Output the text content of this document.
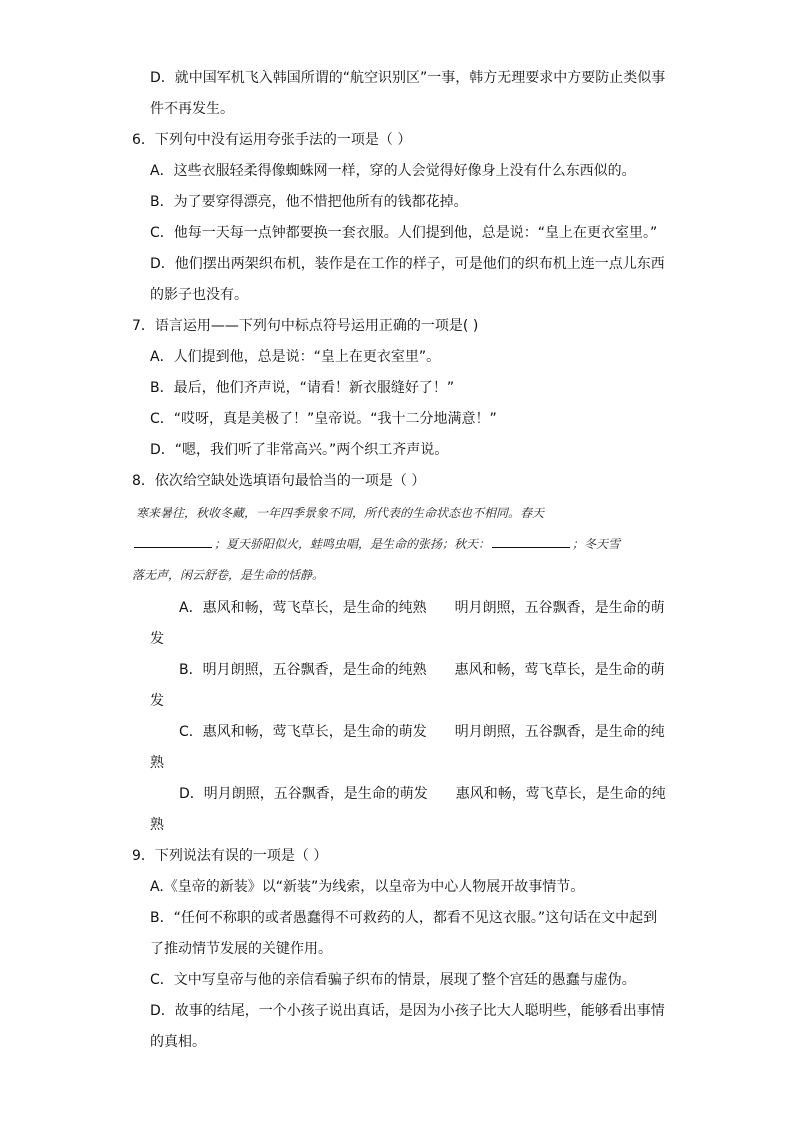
D．就中国军机飞入韩国所谓的“航空识别区”一事，韩方无理要求中方要防止类似事
件不再发生。
6．下列句中没有运用夸张手法的一项是（ ）
A．这些衣服轻柔得像蜘蛛网一样，穿的人会觉得好像身上没有什么东西似的。
B．为了要穿得漂亮，他不惜把他所有的钱都花掉。
C．他每一天每一点钟都要换一套衣服。人们提到他，总是说：“皇上在更衣室里。”
D．他们摆出两架织布机，装作是在工作的样子，可是他们的织布机上连一点儿东西
的影子也没有。
7．语言运用——下列句中标点符号运用正确的一项是( )
A．人们提到他，总是说：“皇上在更衣室里”。
B．最后，他们齐声说，“请看！新衣服缝好了！”
C．“哎呀，真是美极了！”皇帝说。“我十二分地满意！”
D．“嗯，我们听了非常高兴。”两个织工齐声说。
8．依次给空缺处选填语句最恰当的一项是（ ）
寒来暑往，秋收冬藏，一年四季景象不同，所代表的生命状态也不相同。春天
；夏天骄阳似火，蛙鸣虫唱，是生命的张扬；秋天：	；冬天雪
落无声，闲云舒卷，是生命的恬静。
A．惠风和畅，莺飞草长，是生命的纯熟　　明月朗照，五谷飘香，是生命的萌
发
B．明月朗照，五谷飘香，是生命的纯熟　　惠风和畅，莺飞草长，是生命的萌
发
C．惠风和畅，莺飞草长，是生命的萌发　　明月朗照，五谷飘香，是生命的纯
熟
D．明月朗照，五谷飘香，是生命的萌发　　惠风和畅，莺飞草长，是生命的纯
熟
9．下列说法有误的一项是（ ）
A.《皇帝的新装》以“新装”为线索，以皇帝为中心人物展开故事情节。
B．“任何不称职的或者愚蠢得不可救药的人，都看不见这衣服。”这句话在文中起到
了推动情节发展的关键作用。
C．文中写皇帝与他的亲信看骗子织布的情景，展现了整个宫廷的愚蠢与虚伪。
D．故事的结尾，一个小孩子说出真话，是因为小孩子比大人聪明些，能够看出事情
的真相。
